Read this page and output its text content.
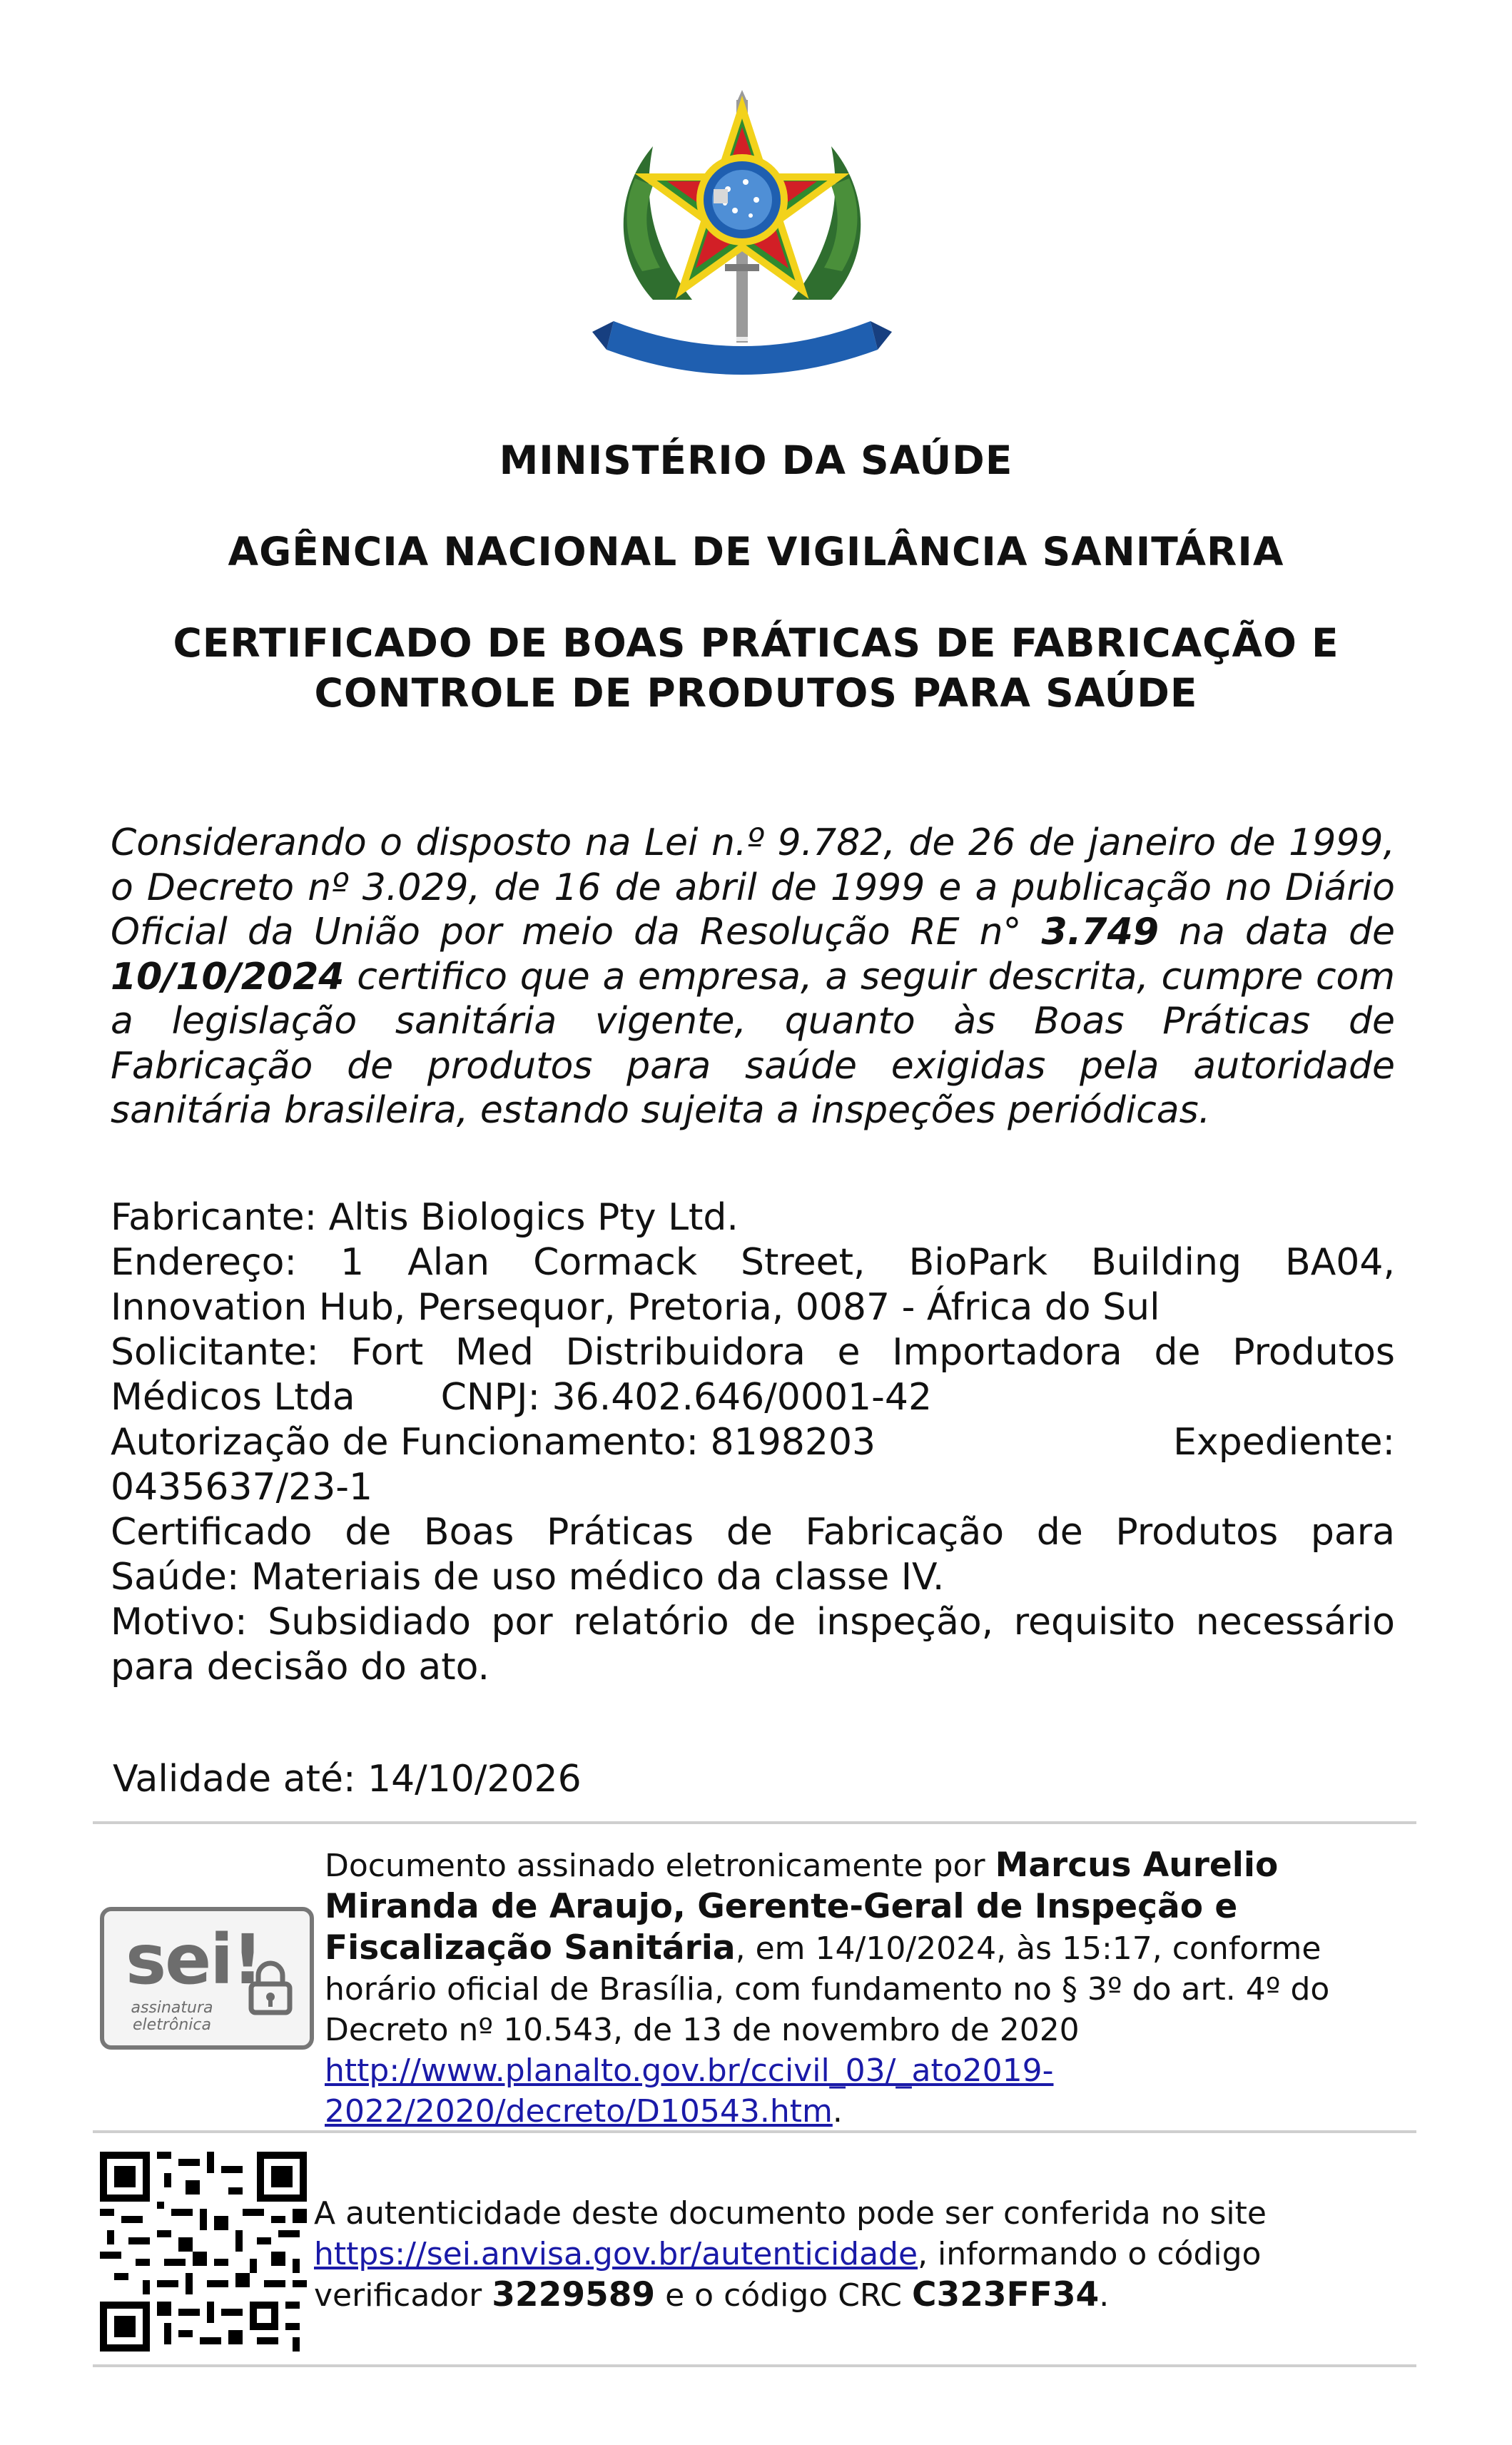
MINISTÉRIO DA SAÚDE
AGÊNCIA NACIONAL DE VIGILÂNCIA SANITÁRIA
CERTIFICADO DE BOAS PRÁTICAS DE FABRICAÇÃO E
CONTROLE DE PRODUTOS PARA SAÚDE
Considerando o disposto na Lei n.º 9.782, de 26 de janeiro de 1999, o Decreto nº 3.029, de 16 de abril de 1999 e a publicação no Diário Oficial da União por meio da Resolução RE n° 3.749 na data de 10/10/2024 certifico que a empresa, a seguir descrita, cumpre com a legislação sanitária vigente, quanto às Boas Práticas de Fabricação de produtos para saúde exigidas pela autoridade sanitária brasileira, estando sujeita a inspeções periódicas.
Fabricante: Altis Biologics Pty Ltd.
Endereço: 1 Alan Cormack Street, BioPark Building BA04,
Innovation Hub, Persequor, Pretoria, 0087 - África do Sul
Solicitante: Fort Med Distribuidora e Importadora de Produtos
Médicos Ltda CNPJ: 36.402.646/0001-42
Autorização de Funcionamento: 8198203	Expediente:
0435637/23-1
Certificado de Boas Práticas de Fabricação de Produtos para
Saúde: Materiais de uso médico da classe IV.
Motivo: Subsidiado por relatório de inspeção, requisito necessário
para decisão do ato.
Validade até: 14/10/2026
sei!
assinatura
eletrônica
Documento assinado eletronicamente por Marcus Aurelio Miranda de Araujo, Gerente-Geral de Inspeção e Fiscalização Sanitária, em 14/10/2024, às 15:17, conforme horário oficial de Brasília, com fundamento no § 3º do art. 4º do Decreto nº 10.543, de 13 de novembro de 2020 http://www.planalto.gov.br/ccivil_03/_ato2019-2022/2020/decreto/D10543.htm.
A autenticidade deste documento pode ser conferida no site https://sei.anvisa.gov.br/autenticidade, informando o código verificador 3229589 e o código CRC C323FF34.
